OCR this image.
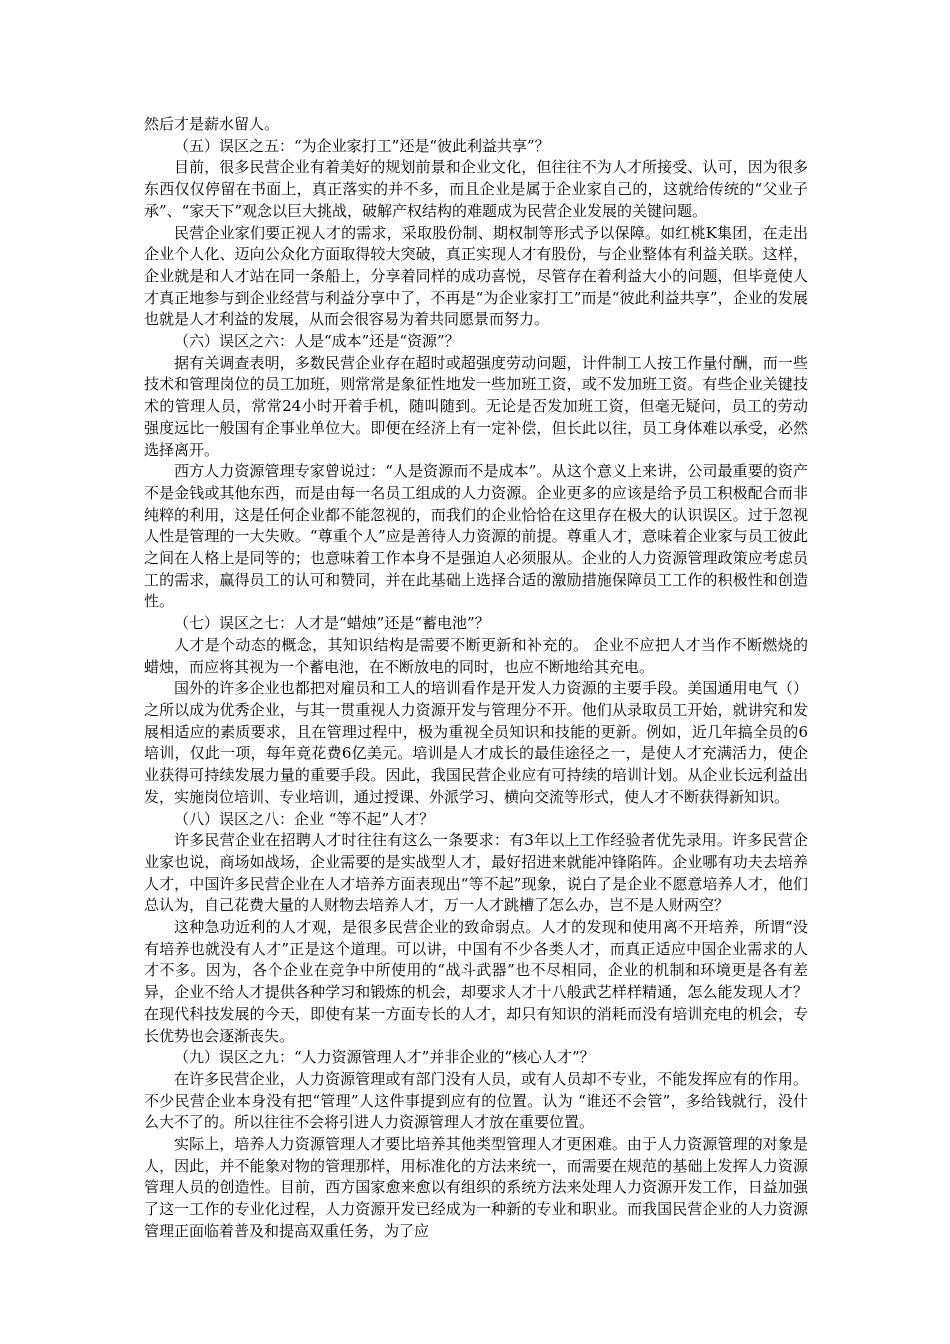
然后才是薪水留人。

（五）误区之五：“为企业家打工”还是“彼此利益共享”？

目前，很多民营企业有着美好的规划前景和企业文化，但往往不为人才所接受、认可，因为很多东西仅仅停留在书面上，真正落实的并不多，而且企业是属于企业家自己的，这就给传统的“父业子承”、“家天下”观念以巨大挑战，破解产权结构的难题成为民营企业发展的关键问题。

民营企业家们要正视人才的需求，采取股份制、期权制等形式予以保障。如红桃K集团，在走出企业个人化、迈向公众化方面取得较大突破，真正实现人才有股份，与企业整体有利益关联。这样，企业就是和人才站在同一条船上，分享着同样的成功喜悦，尽管存在着利益大小的问题，但毕竟使人才真正地参与到企业经营与利益分享中了，不再是“为企业家打工”而是“彼此利益共享”，企业的发展也就是人才利益的发展，从而会很容易为着共同愿景而努力。

（六）误区之六：人是“成本”还是“资源”？

据有关调查表明，多数民营企业存在超时或超强度劳动问题，计件制工人按工作量付酬，而一些技术和管理岗位的员工加班，则常常是象征性地发一些加班工资，或不发加班工资。有些企业关键技术的管理人员，常常24小时开着手机，随叫随到。无论是否发加班工资，但毫无疑问，员工的劳动强度远比一般国有企事业单位大。即便在经济上有一定补偿，但长此以往，员工身体难以承受，必然选择离开。

西方人力资源管理专家曾说过：“人是资源而不是成本”。从这个意义上来讲，公司最重要的资产不是金钱或其他东西，而是由每一名员工组成的人力资源。企业更多的应该是给予员工积极配合而非纯粹的利用，这是任何企业都不能忽视的，而我们的企业恰恰在这里存在极大的认识误区。过于忽视人性是管理的一大失败。“尊重个人”应是善待人力资源的前提。尊重人才，意味着企业家与员工彼此之间在人格上是同等的；也意味着工作本身不是强迫人必须服从。企业的人力资源管理政策应考虑员工的需求，赢得员工的认可和赞同，并在此基础上选择合适的激励措施保障员工工作的积极性和创造性。

（七）误区之七：人才是“蜡烛”还是“蓄电池”？

人才是个动态的概念，其知识结构是需要不断更新和补充的。 企业不应把人才当作不断燃烧的蜡烛，而应将其视为一个蓄电池，在不断放电的同时，也应不断地给其充电。

国外的许多企业也都把对雇员和工人的培训看作是开发人力资源的主要手段。美国通用电气（）之所以成为优秀企业，与其一贯重视人力资源开发与管理分不开。他们从录取员工开始，就讲究和发展相适应的素质要求，且在管理过程中，极为重视全员知识和技能的更新。例如，近几年搞全员的6培训，仅此一项，每年竟花费6亿美元。培训是人才成长的最佳途径之一，是使人才充满活力，使企业获得可持续发展力量的重要手段。因此，我国民营企业应有可持续的培训计划。从企业长远利益出发，实施岗位培训、专业培训，通过授课、外派学习、横向交流等形式，使人才不断获得新知识。

（八）误区之八：企业 “等不起”人才？

许多民营企业在招聘人才时往往有这么一条要求：有3年以上工作经验者优先录用。许多民营企业家也说，商场如战场，企业需要的是实战型人才，最好招进来就能冲锋陷阵。企业哪有功夫去培养人才，中国许多民营企业在人才培养方面表现出“等不起”现象，说白了是企业不愿意培养人才，他们总认为，自己花费大量的人财物去培养人才，万一人才跳槽了怎么办，岂不是人财两空？

这种急功近利的人才观，是很多民营企业的致命弱点。人才的发现和使用离不开培养，所谓“没有培养也就没有人才”正是这个道理。可以讲，中国有不少各类人才，而真正适应中国企业需求的人才不多。因为，各个企业在竞争中所使用的“战斗武器”也不尽相同，企业的机制和环境更是各有差异，企业不给人才提供各种学习和锻炼的机会，却要求人才十八般武艺样样精通，怎么能发现人才？在现代科技发展的今天，即使有某一方面专长的人才，却只有知识的消耗而没有培训充电的机会，专长优势也会逐渐丧失。

（九）误区之九：“人力资源管理人才”并非企业的“核心人才”？

在许多民营企业，人力资源管理或有部门没有人员，或有人员却不专业，不能发挥应有的作用。不少民营企业本身没有把“管理”人这件事提到应有的位置。认为 “谁还不会管”，多给钱就行，没什么大不了的。所以往往不会将引进人力资源管理人才放在重要位置。

实际上，培养人力资源管理人才要比培养其他类型管理人才更困难。由于人力资源管理的对象是人，因此，并不能象对物的管理那样，用标准化的方法来统一，而需要在规范的基础上发挥人力资源管理人员的创造性。目前，西方国家愈来愈以有组织的系统方法来处理人力资源开发工作，日益加强了这一工作的专业化过程，人力资源开发已经成为一种新的专业和职业。而我国民营企业的人力资源管理正面临着普及和提高双重任务，为了应
